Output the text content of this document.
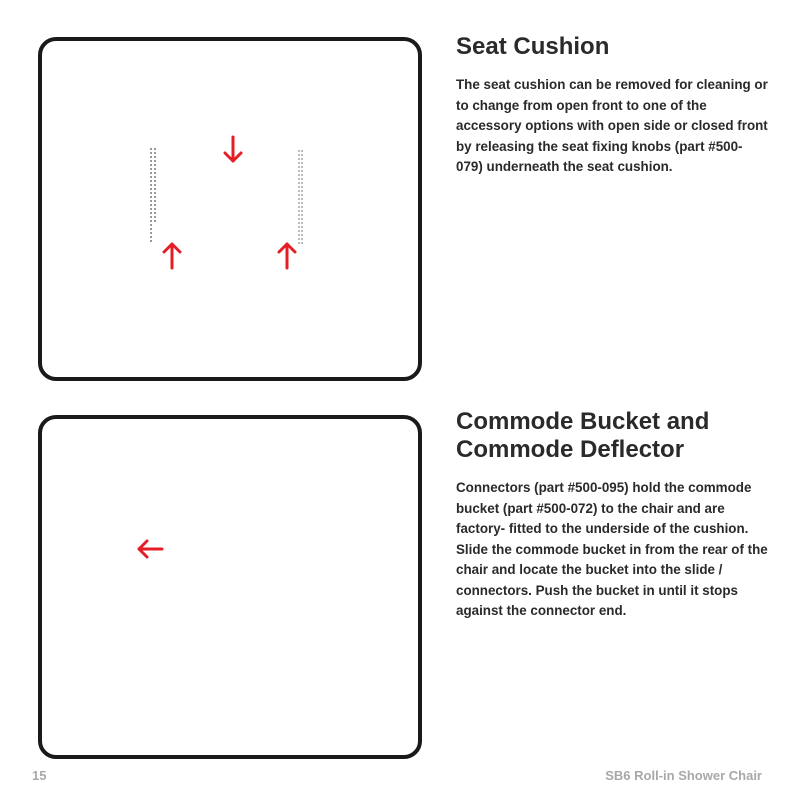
Seat Cushion

The seat cushion can be removed for cleaning or to change from open front to one of the accessory options with open side or closed front by releasing the seat fixing knobs (part #500-079) underneath the seat cushion.

Commode Bucket and
Commode Deflector

Connectors (part #500-095) hold the commode bucket (part #500-072) to the chair and are factory- fitted to the underside of the cushion. Slide the commode bucket in from the rear of the chair and locate the bucket into the slide / connectors. Push the bucket in until it stops against the connector end.

15	SB6 Roll-in Shower Chair
